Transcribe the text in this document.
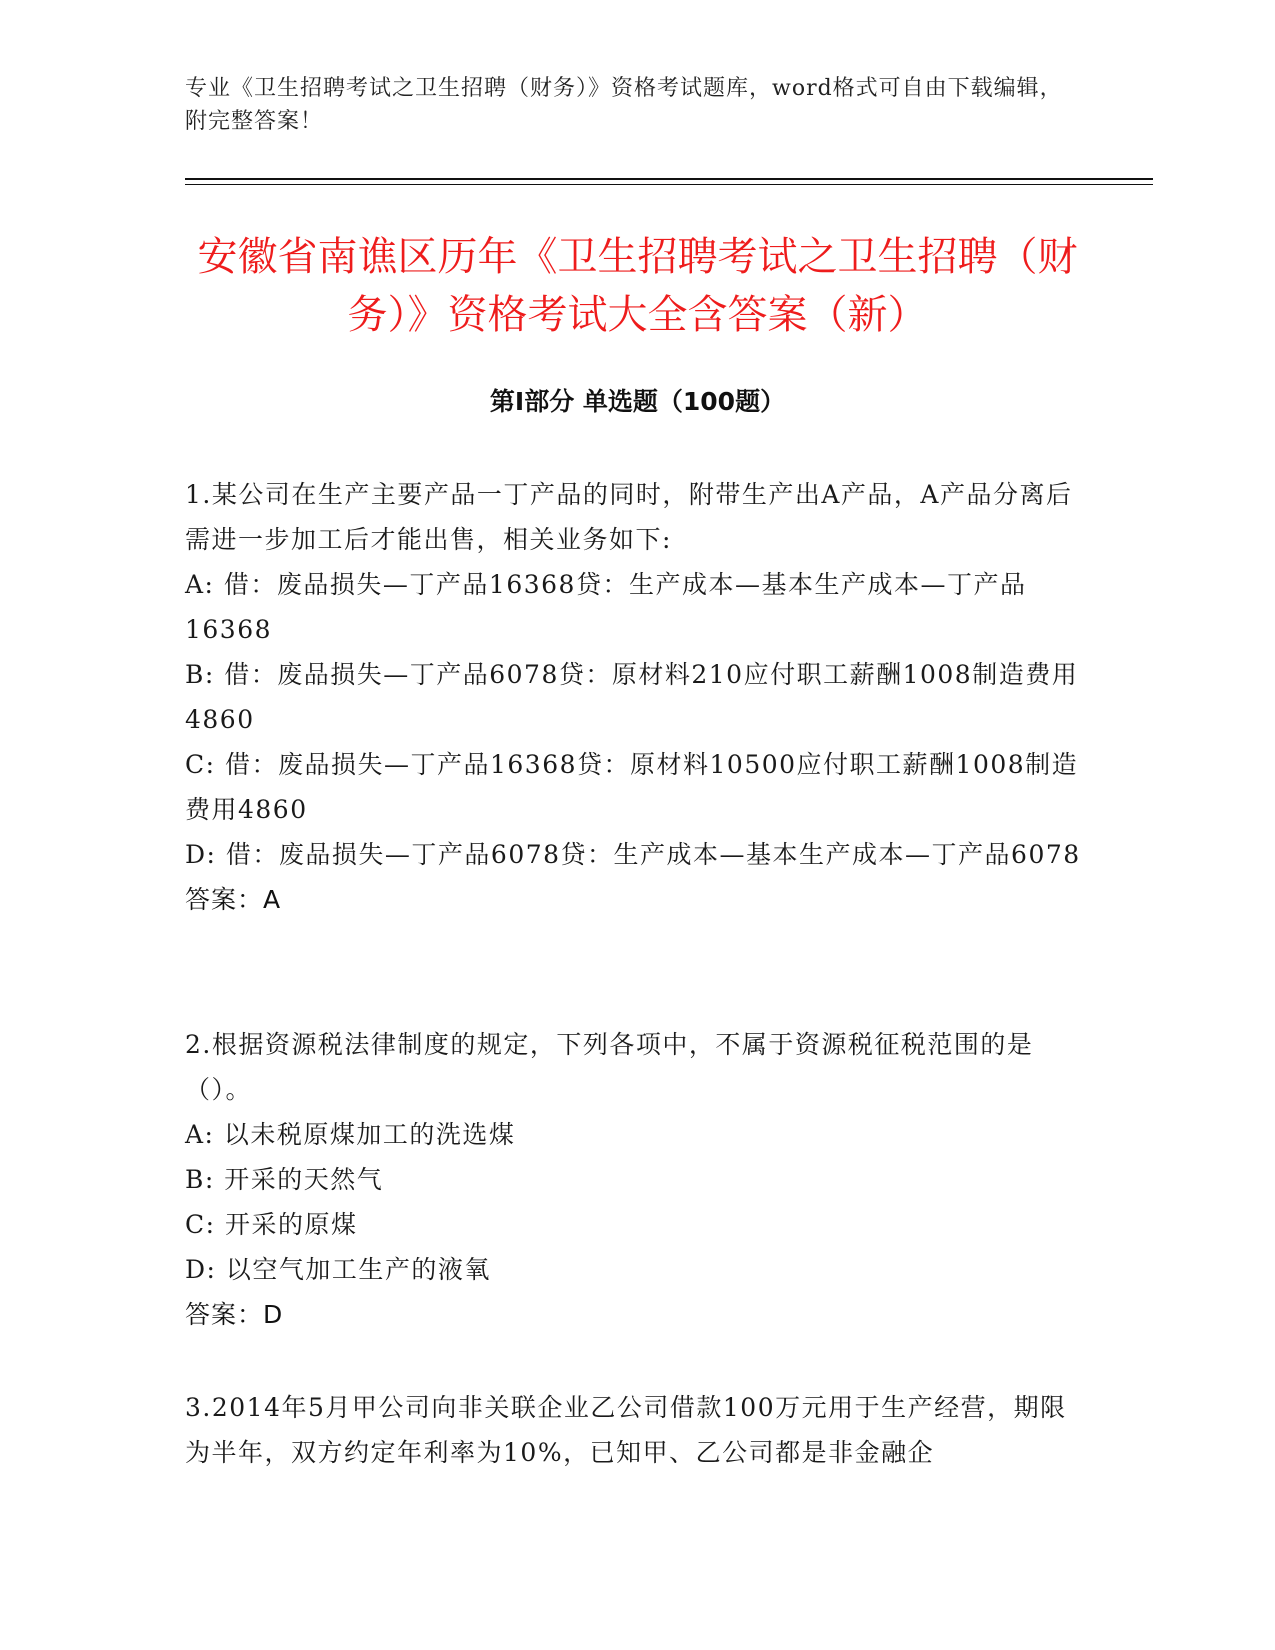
专业《卫生招聘考试之卫生招聘（财务）》资格考试题库，word格式可自由下载编辑，附完整答案！
安徽省南谯区历年《卫生招聘考试之卫生招聘（财务）》资格考试大全含答案（新）
第Ⅰ部分 单选题（100题）

1.某公司在生产主要产品一丁产品的同时，附带生产出A产品，A产品分离后需进一步加工后才能出售，相关业务如下:

A: 借：废品损失—丁产品16368贷：生产成本—基本生产成本—丁产品16368

B: 借：废品损失—丁产品6078贷：原材料210应付职工薪酬1008制造费用4860

C: 借：废品损失—丁产品16368贷：原材料10500应付职工薪酬1008制造费用4860

D: 借：废品损失—丁产品6078贷：生产成本—基本生产成本—丁产品6078

答案：A

2.根据资源税法律制度的规定，下列各项中，不属于资源税征税范围的是（）。

A: 以未税原煤加工的洗选煤

B: 开采的天然气

C: 开采的原煤

D: 以空气加工生产的液氧

答案：D

3.2014年5月甲公司向非关联企业乙公司借款100万元用于生产经营，期限为半年，双方约定年利率为10%，已知甲、乙公司都是非金融企
